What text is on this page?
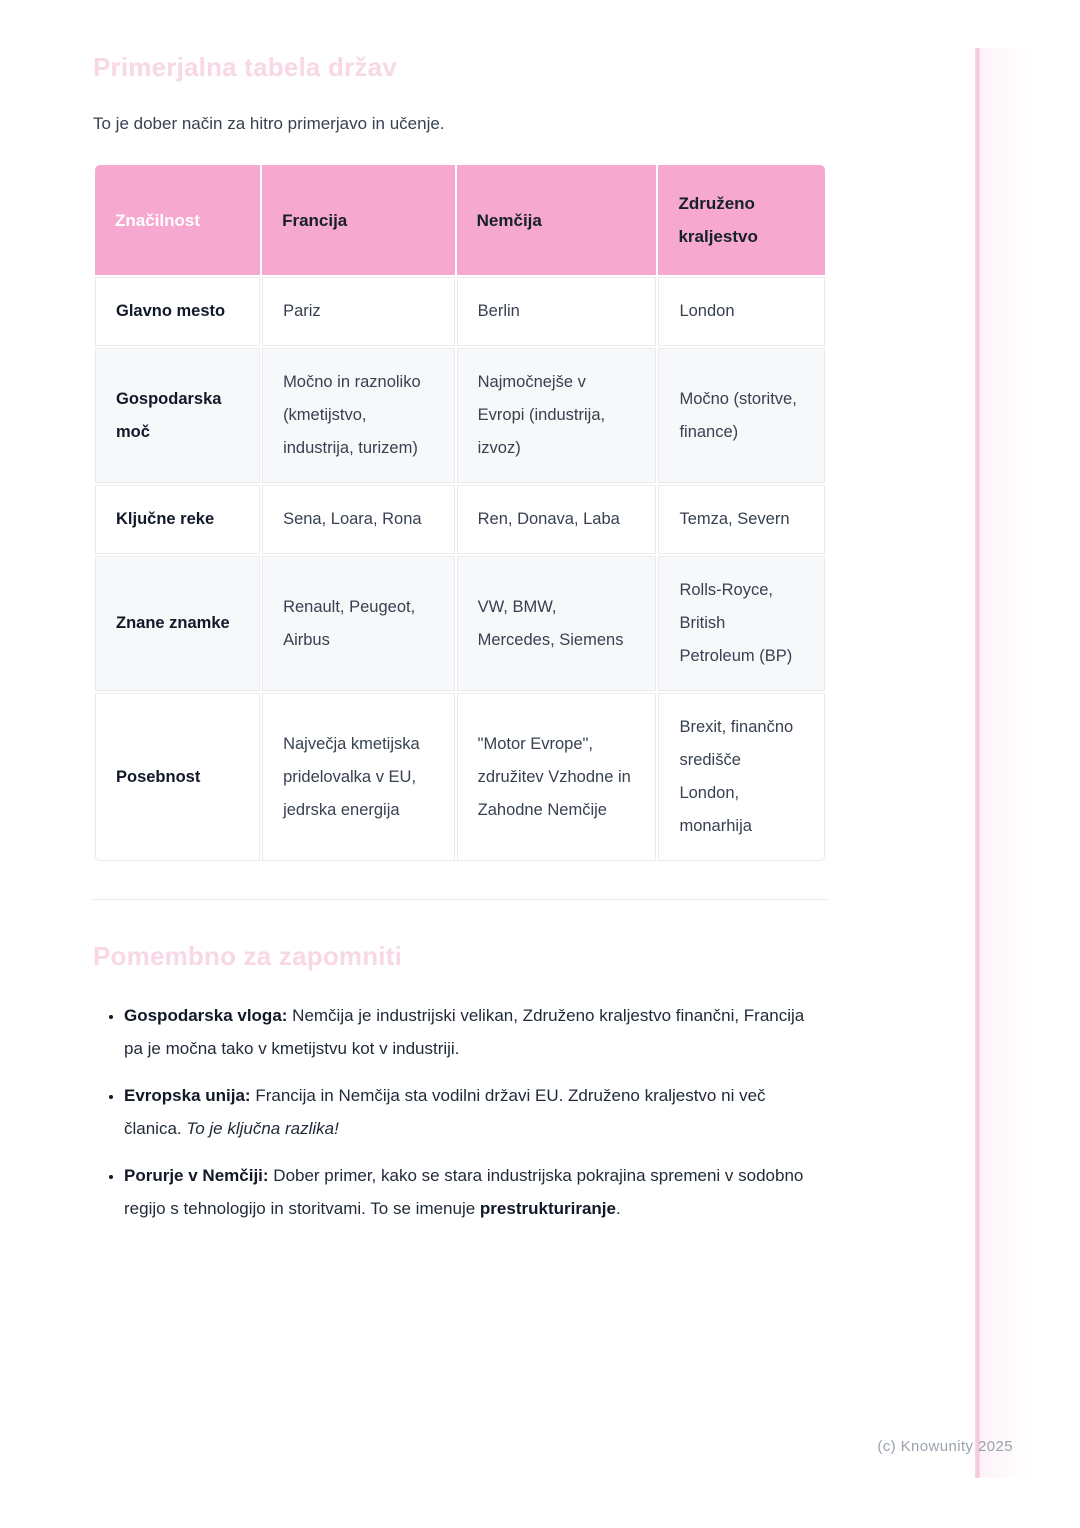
Primerjalna tabela držav

To je dober način za hitro primerjavo in učenje.

Značilnost	Francija	Nemčija	Združeno kraljestvo
Glavno mesto	Pariz	Berlin	London
Gospodarska moč	Močno in raznoliko (kmetijstvo, industrija, turizem)	Najmočnejše v Evropi (industrija, izvoz)	Močno (storitve, finance)
Ključne reke	Sena, Loara, Rona	Ren, Donava, Laba	Temza, Severn
Znane znamke	Renault, Peugeot, Airbus	VW, BMW, Mercedes, Siemens	Rolls-Royce, British Petroleum (BP)
Posebnost	Največja kmetijska pridelovalka v EU, jedrska energija	"Motor Evrope", združitev Vzhodne in Zahodne Nemčije	Brexit, finančno središče London, monarhija
Pomembno za zapomniti
• Gospodarska vloga: Nemčija je industrijski velikan, Združeno kraljestvo finančni, Francija pa je močna tako v kmetijstvu kot v industriji.
• Evropska unija: Francija in Nemčija sta vodilni državi EU. Združeno kraljestvo ni več članica. To je ključna razlika!
• Porurje v Nemčiji: Dober primer, kako se stara industrijska pokrajina spremeni v sodobno regijo s tehnologijo in storitvami. To se imenuje prestrukturiranje.
(c) Knowunity 2025
